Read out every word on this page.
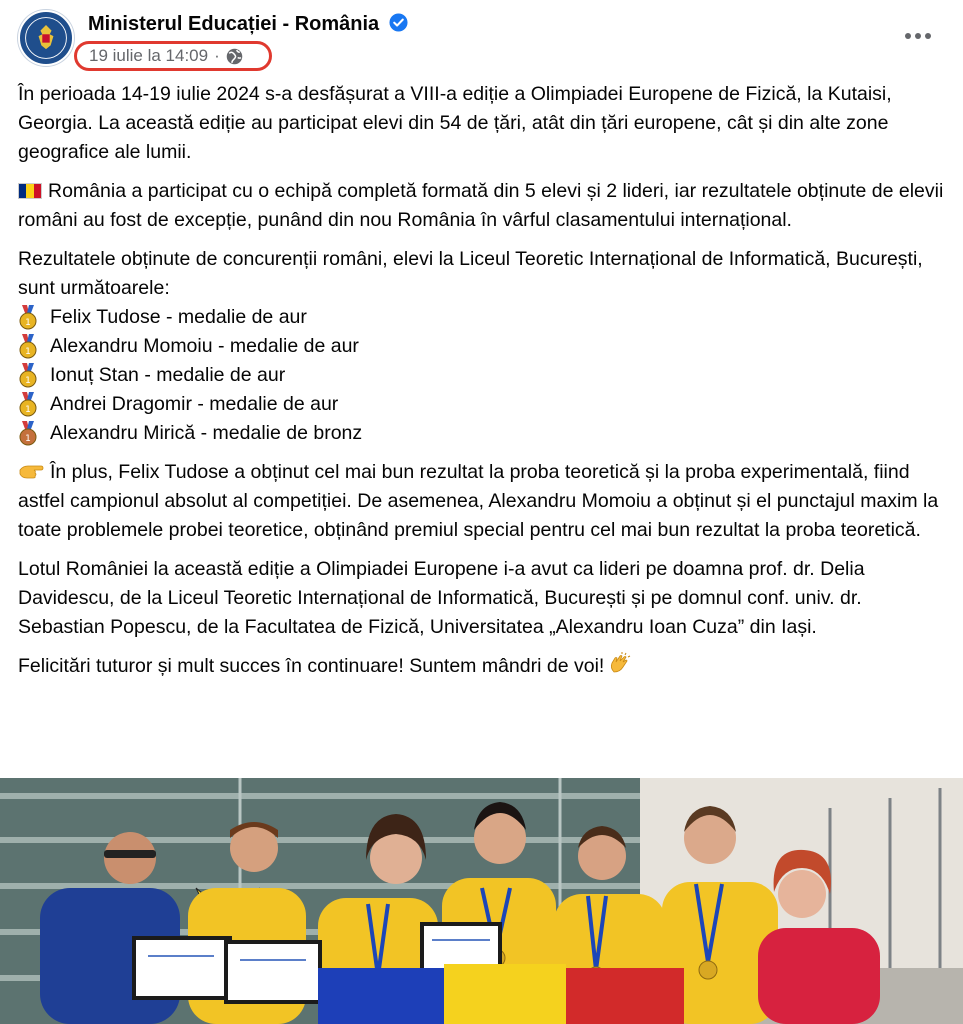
Ministerul Educației - România
19 iulie la 14:09 ·

În perioada 14-19 iulie 2024 s-a desfășurat a VIII-a ediție a Olimpiadei Europene de Fizică, la Kutaisi, Georgia. La această ediție au participat elevi din 54 de țări, atât din țări europene, cât și din alte zone geografice ale lumii.

România a participat cu o echipă completă formată din 5 elevi și 2 lideri, iar rezultatele obținute de elevii români au fost de excepție, punând din nou România în vârful clasamentului internațional.

Rezultatele obținute de concurenții români, elevi la Liceul Teoretic Internațional de Informatică, București, sunt următoarele:
1 Felix Tudose - medalie de aur
1 Alexandru Momoiu - medalie de aur
1 Ionuț Stan - medalie de aur
1 Andrei Dragomir - medalie de aur
1 Alexandru Mirică - medalie de bronz

În plus, Felix Tudose a obținut cel mai bun rezultat la proba teoretică și la proba experimentală, fiind astfel campionul absolut al competiției. De asemenea, Alexandru Momoiu a obținut și el punctajul maxim la toate problemele probei teoretice, obținând premiul special pentru cel mai bun rezultat la proba teoretică.

Lotul României la această ediție a Olimpiadei Europene i-a avut ca lideri pe doamna prof. dr. Delia Davidescu, de la Liceul Teoretic Internațional de Informatică, București și pe domnul conf. univ. dr. Sebastian Popescu, de la Facultatea de Fizică, Universitatea „Alexandru Ioan Cuza” din Iași.

Felicitări tuturor și mult succes în continuare! Suntem mândri de voi!
